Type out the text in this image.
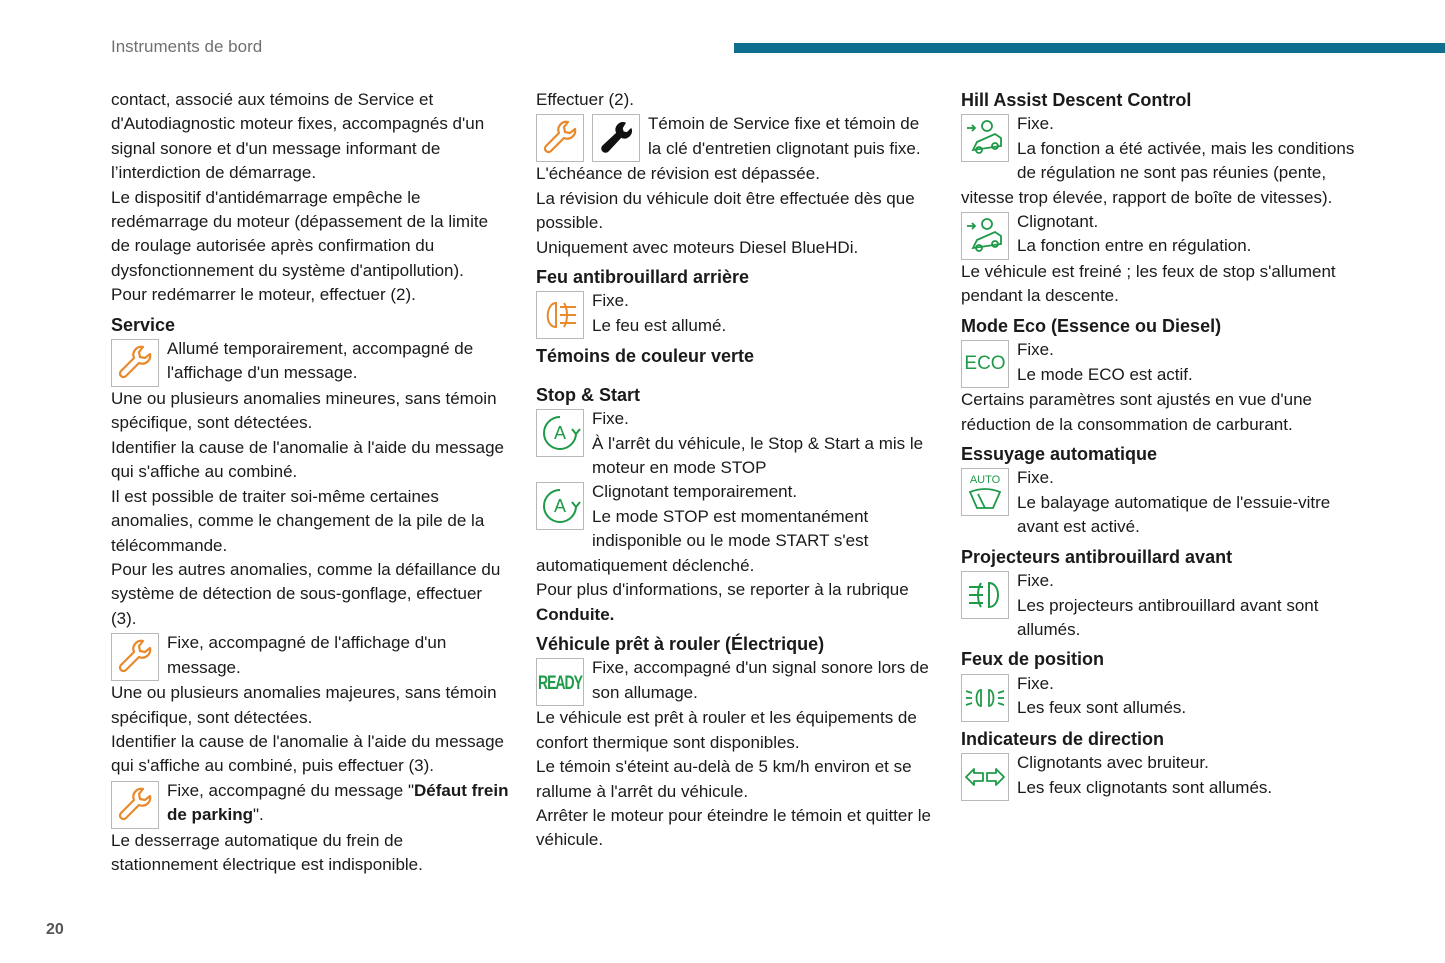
Instruments de bord
20

contact, associé aux témoins de Service et d'Autodiagnostic moteur fixes, accompagnés d'un signal sonore et d'un message informant de l’interdiction de démarrage.

Le dispositif d'antidémarrage empêche le redémarrage du moteur (dépassement de la limite de roulage autorisée après confirmation du dysfonctionnement du système d'antipollution).

Pour redémarrer le moteur, effectuer (2).

Service
Allumé temporairement, accompagné de l'affichage d'un message.

Une ou plusieurs anomalies mineures, sans témoin spécifique, sont détectées.

Identifier la cause de l'anomalie à l'aide du message qui s'affiche au combiné.

Il est possible de traiter soi-même certaines anomalies, comme le changement de la pile de la télécommande.

Pour les autres anomalies, comme la défaillance du système de détection de sous-gonflage, effectuer (3).

Fixe, accompagné de l'affichage d'un message.

Une ou plusieurs anomalies majeures, sans témoin spécifique, sont détectées.

Identifier la cause de l'anomalie à l'aide du message qui s'affiche au combiné, puis effectuer (3).

Fixe, accompagné du message "Défaut frein de parking".

Le desserrage automatique du frein de stationnement électrique est indisponible.

Effectuer (2).

Témoin de Service fixe et témoin de la clé d'entretien clignotant puis fixe.

L'échéance de révision est dépassée.

La révision du véhicule doit être effectuée dès que possible.

Uniquement avec moteurs Diesel BlueHDi.

Feu antibrouillard arrière
Fixe.
Le feu est allumé.
Témoins de couleur verte
Stop & Start
A
Fixe.
À l'arrêt du véhicule, le Stop & Start a mis le moteur en mode STOP
A
Clignotant temporairement.
Le mode STOP est momentanément indisponible ou le mode START s'est automatiquement déclenché.

Pour plus d'informations, se reporter à la rubrique Conduite.

Véhicule prêt à rouler (Électrique)
READY
Fixe, accompagné d'un signal sonore lors de son allumage.

Le véhicule est prêt à rouler et les équipements de confort thermique sont disponibles.

Le témoin s'éteint au-delà de 5 km/h environ et se rallume à l'arrêt du véhicule.

Arrêter le moteur pour éteindre le témoin et quitter le véhicule.

Hill Assist Descent Control
Fixe.
La fonction a été activée, mais les conditions de régulation ne sont pas réunies (pente, vitesse trop élevée, rapport de boîte de vitesses).
Clignotant.
La fonction entre en régulation.

Le véhicule est freiné ; les feux de stop s'allument pendant la descente.

Mode Eco (Essence ou Diesel)
ECO
Fixe.
Le mode ECO est actif.

Certains paramètres sont ajustés en vue d'une réduction de la consommation de carburant.

Essuyage automatique
AUTO Fixe.
Le balayage automatique de l'essuie-vitre avant est activé.
Projecteurs antibrouillard avant
Fixe.
Les projecteurs antibrouillard avant sont allumés.
Feux de position
Fixe.
Les feux sont allumés.
Indicateurs de direction
Clignotants avec bruiteur.
Les feux clignotants sont allumés.
